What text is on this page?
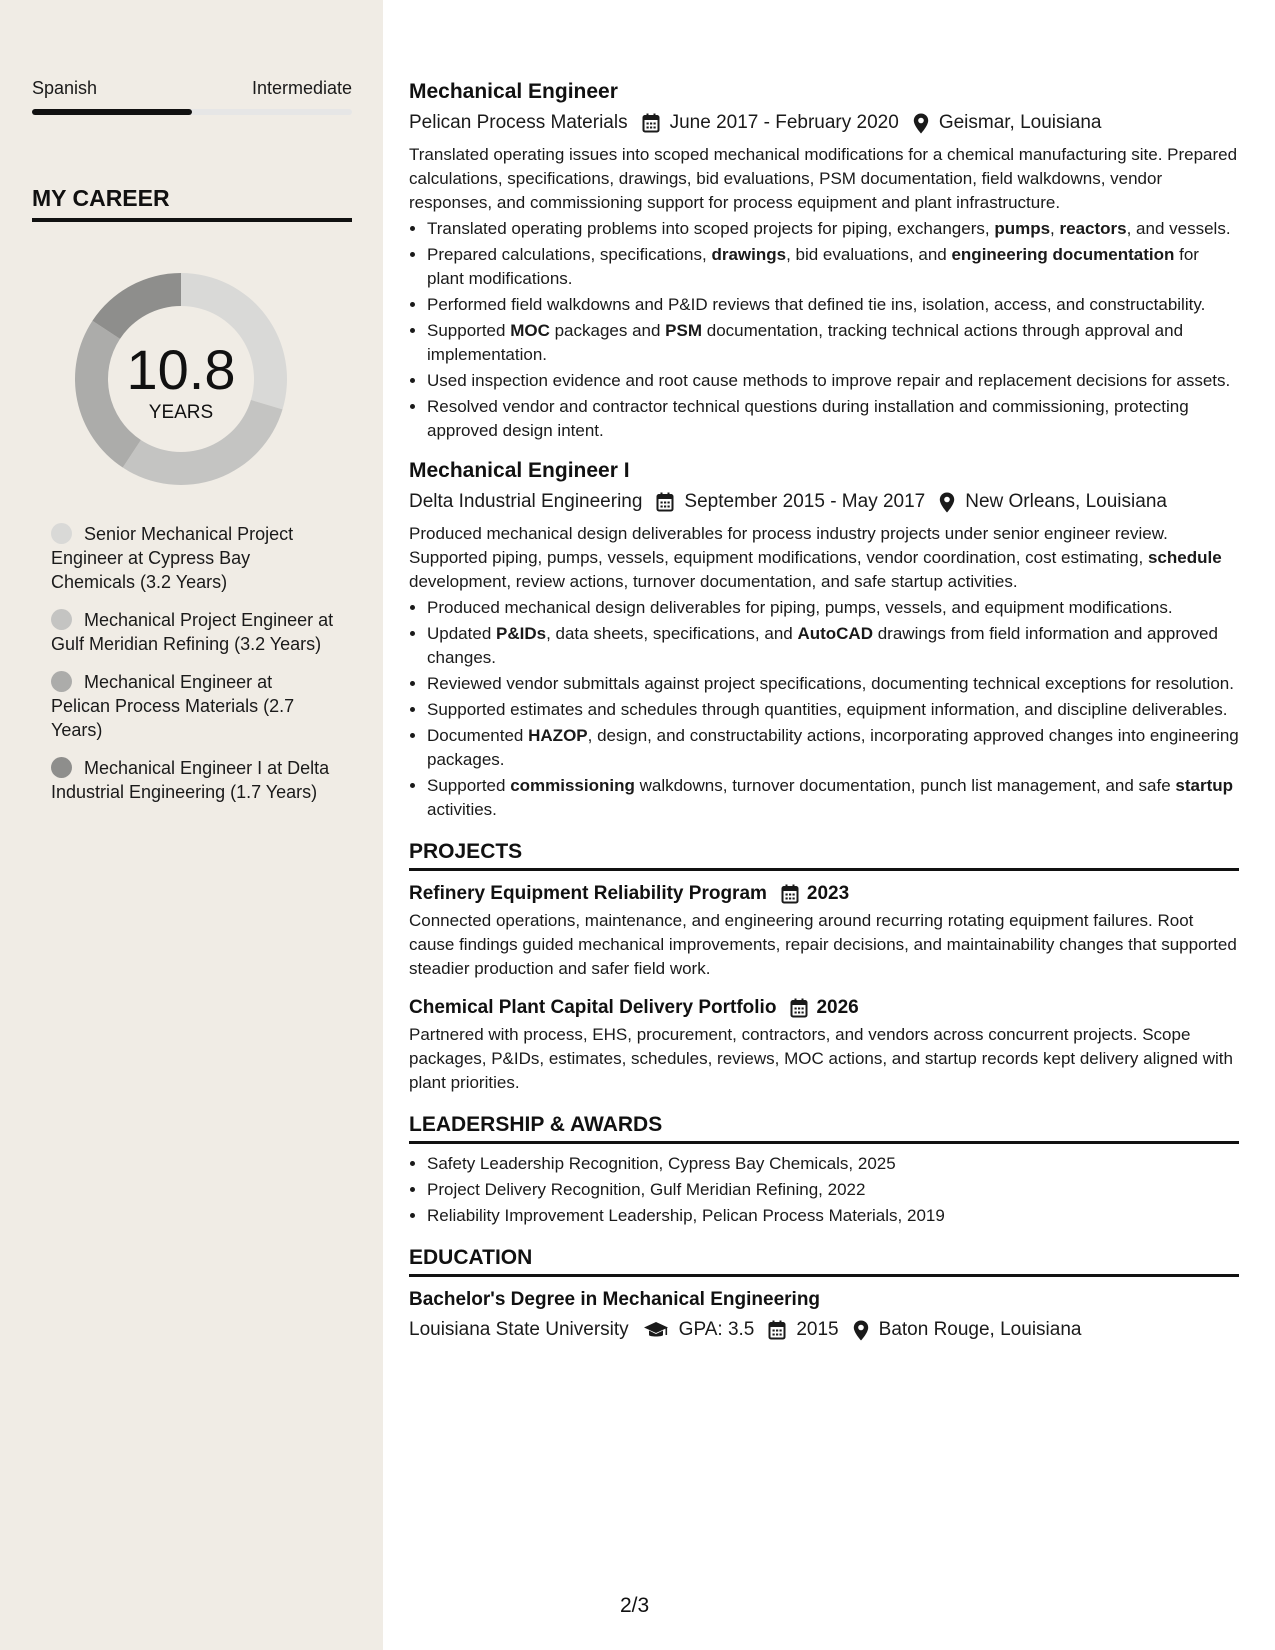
Spanish	Intermediate
MY CAREER
10.8
YEARS
Senior Mechanical Project Engineer at Cypress Bay Chemicals (3.2 Years)
Mechanical Project Engineer at Gulf Meridian Refining (3.2 Years)
Mechanical Engineer at Pelican Process Materials (2.7 Years)
Mechanical Engineer I at Delta Industrial Engineering (1.7 Years)
Mechanical Engineer
Pelican Process Materials June 2017 - February 2020 Geismar, Louisiana
Translated operating issues into scoped mechanical modifications for a chemical manufacturing site. Prepared calculations, specifications, drawings, bid evaluations, PSM documentation, field walkdowns, vendor responses, and commissioning support for process equipment and plant infrastructure.
• Translated operating problems into scoped projects for piping, exchangers, pumps, reactors, and vessels.
• Prepared calculations, specifications, drawings, bid evaluations, and engineering documentation for plant modifications.
• Performed field walkdowns and P&ID reviews that defined tie ins, isolation, access, and constructability.
• Supported MOC packages and PSM documentation, tracking technical actions through approval and implementation.
• Used inspection evidence and root cause methods to improve repair and replacement decisions for assets.
• Resolved vendor and contractor technical questions during installation and commissioning, protecting approved design intent.
Mechanical Engineer I
Delta Industrial Engineering September 2015 - May 2017 New Orleans, Louisiana
Produced mechanical design deliverables for process industry projects under senior engineer review. Supported piping, pumps, vessels, equipment modifications, vendor coordination, cost estimating, schedule development, review actions, turnover documentation, and safe startup activities.
• Produced mechanical design deliverables for piping, pumps, vessels, and equipment modifications.
• Updated P&IDs, data sheets, specifications, and AutoCAD drawings from field information and approved changes.
• Reviewed vendor submittals against project specifications, documenting technical exceptions for resolution.
• Supported estimates and schedules through quantities, equipment information, and discipline deliverables.
• Documented HAZOP, design, and constructability actions, incorporating approved changes into engineering packages.
• Supported commissioning walkdowns, turnover documentation, punch list management, and safe startup activities.
PROJECTS
Refinery Equipment Reliability Program 2023
Connected operations, maintenance, and engineering around recurring rotating equipment failures. Root cause findings guided mechanical improvements, repair decisions, and maintainability changes that supported steadier production and safer field work.
Chemical Plant Capital Delivery Portfolio 2026
Partnered with process, EHS, procurement, contractors, and vendors across concurrent projects. Scope packages, P&IDs, estimates, schedules, reviews, MOC actions, and startup records kept delivery aligned with plant priorities.
LEADERSHIP & AWARDS
• Safety Leadership Recognition, Cypress Bay Chemicals, 2025
• Project Delivery Recognition, Gulf Meridian Refining, 2022
• Reliability Improvement Leadership, Pelican Process Materials, 2019
EDUCATION
Bachelor's Degree in Mechanical Engineering
Louisiana State University	GPA: 3.5 2015 Baton Rouge, Louisiana
2/3
